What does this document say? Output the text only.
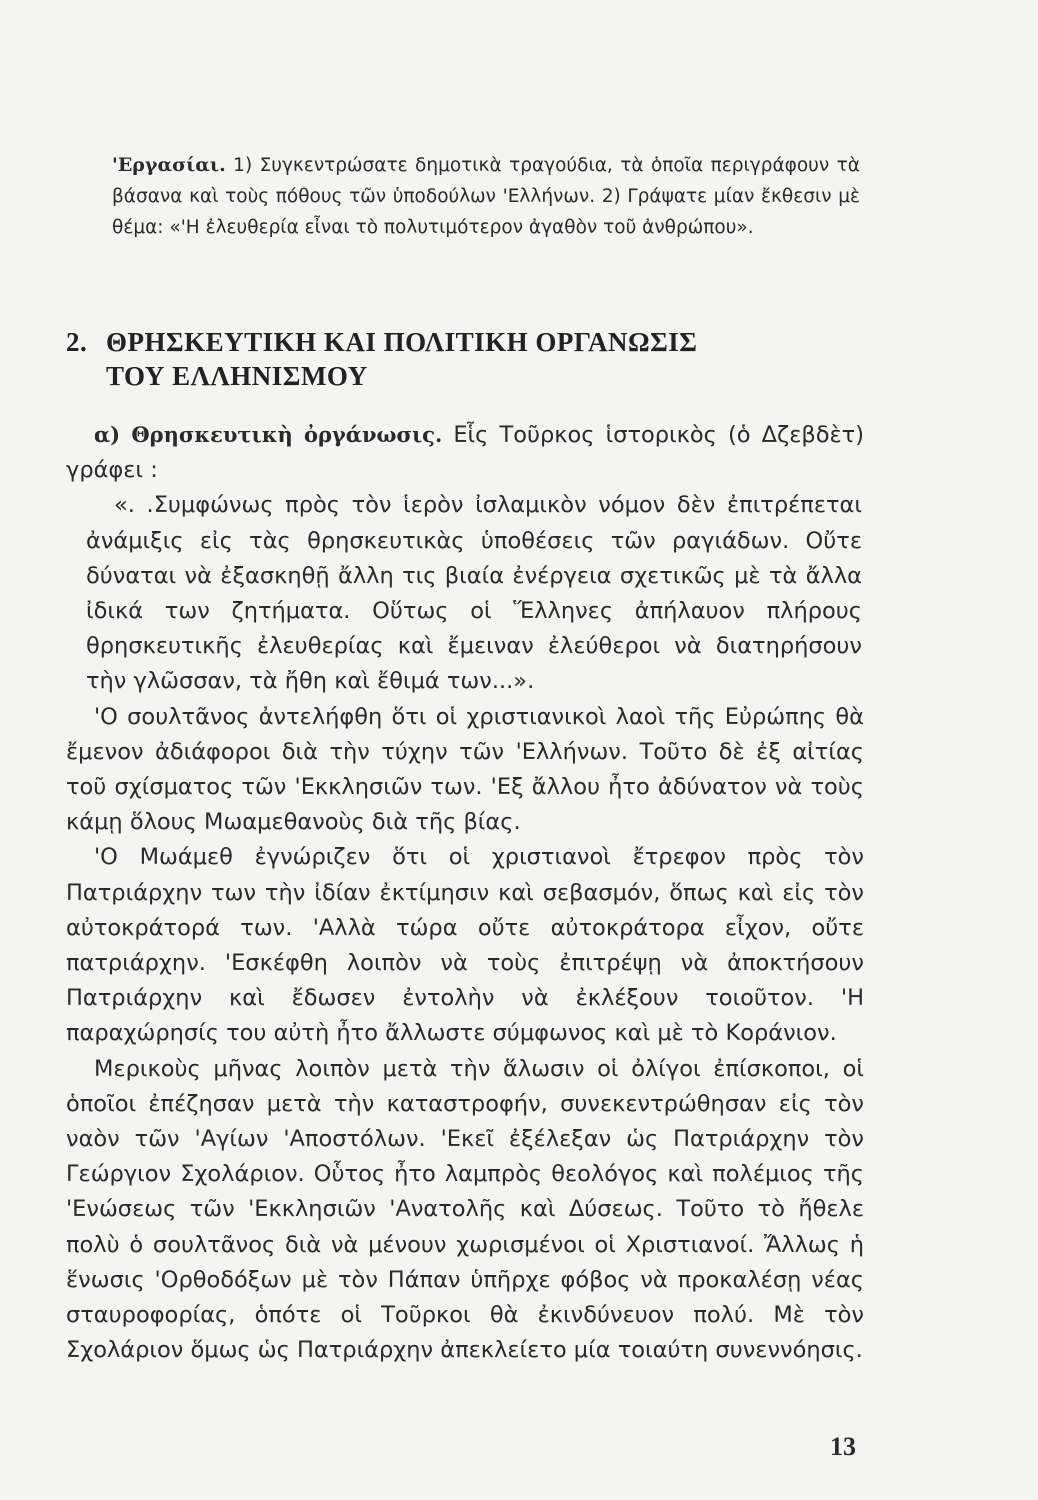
'Εργασίαι. 1) Συγκεντρώσατε δημοτικὰ τραγούδια, τὰ ὁποῖα περιγράφουν τὰ βάσανα καὶ τοὺς πόθους τῶν ὑποδούλων 'Ελλήνων. 2) Γράψατε μίαν ἔκθεσιν μὲ θέμα: «'Η ἐλευθερία εἶναι τὸ πολυτιμότερον ἀγαθὸν τοῦ ἀνθρώπου».

2. ΘΡΗΣΚΕΥΤΙΚΗ ΚΑΙ ΠΟΛΙΤΙΚΗ ΟΡΓΑΝΩΣΙΣ
ΤΟΥ ΕΛΛΗΝΙΣΜΟΥ

α) Θρησκευτικὴ ὀργάνωσις. Εἷς Τοῦρκος ἱστορικὸς (ὁ Δζεβδὲτ) γράφει :

«. .Συμφώνως πρὸς τὸν ἱερὸν ἰσλαμικὸν νόμον δὲν ἐπιτρέπεται ἀνάμιξις εἰς τὰς θρησκευτικὰς ὑποθέσεις τῶν ραγιάδων. Οὔτε δύναται νὰ ἐξασκηθῇ ἄλλη τις βιαία ἐνέργεια σχετικῶς μὲ τὰ ἄλλα ἰδικά των ζητήματα. Οὕτως οἱ Ἕλληνες ἀπήλαυον πλήρους θρησκευτικῆς ἐλευθερίας καὶ ἔμειναν ἐλεύθεροι νὰ διατηρήσουν τὴν γλῶσσαν, τὰ ἤθη καὶ ἔθιμά των...».

'Ο σουλτᾶνος ἀντελήφθη ὅτι οἱ χριστιανικοὶ λαοὶ τῆς Εὐρώπης θὰ ἔμενον ἀδιάφοροι διὰ τὴν τύχην τῶν 'Ελλήνων. Τοῦτο δὲ ἐξ αἰτίας τοῦ σχίσματος τῶν 'Εκκλησιῶν των. 'Εξ ἄλλου ἦτο ἀδύνατον νὰ τοὺς κάμῃ ὅλους Μωαμεθανοὺς διὰ τῆς βίας.

'Ο Μωάμεθ ἐγνώριζεν ὅτι οἱ χριστιανοὶ ἔτρεφον πρὸς τὸν Πατριάρχην των τὴν ἰδίαν ἐκτίμησιν καὶ σεβασμόν, ὅπως καὶ εἰς τὸν αὐτοκράτορά των. 'Αλλὰ τώρα οὔτε αὐτοκράτορα εἶχον, οὔτε πατριάρχην. 'Εσκέφθη λοιπὸν νὰ τοὺς ἐπιτρέψῃ νὰ ἀποκτήσουν Πατριάρχην καὶ ἔδωσεν ἐντολὴν νὰ ἐκλέξουν τοιοῦτον. 'Η παραχώρησίς του αὐτὴ ἦτο ἄλλωστε σύμφωνος καὶ μὲ τὸ Κοράνιον.

Μερικοὺς μῆνας λοιπὸν μετὰ τὴν ἅλωσιν οἱ ὀλίγοι ἐπίσκοποι, οἱ ὁποῖοι ἐπέζησαν μετὰ τὴν καταστροφήν, συνεκεντρώθησαν εἰς τὸν ναὸν τῶν 'Αγίων 'Αποστόλων. 'Εκεῖ ἐξέλεξαν ὡς Πατριάρχην τὸν Γεώργιον Σχολάριον. Οὗτος ἦτο λαμπρὸς θεολόγος καὶ πολέμιος τῆς 'Ενώσεως τῶν 'Εκκλησιῶν 'Ανατολῆς καὶ Δύσεως. Τοῦτο τὸ ἤθελε πολὺ ὁ σουλτᾶνος διὰ νὰ μένουν χωρισμένοι οἱ Χριστιανοί. Ἄλλως ἡ ἕνωσις 'Ορθοδόξων μὲ τὸν Πάπαν ὑπῆρχε φόβος νὰ προκαλέσῃ νέας σταυροφορίας, ὁπότε οἱ Τοῦρκοι θὰ ἐκινδύνευον πολύ. Μὲ τὸν Σχολάριον ὅμως ὡς Πατριάρχην ἀπεκλείετο μία τοιαύτη συνεννόησις.

13
